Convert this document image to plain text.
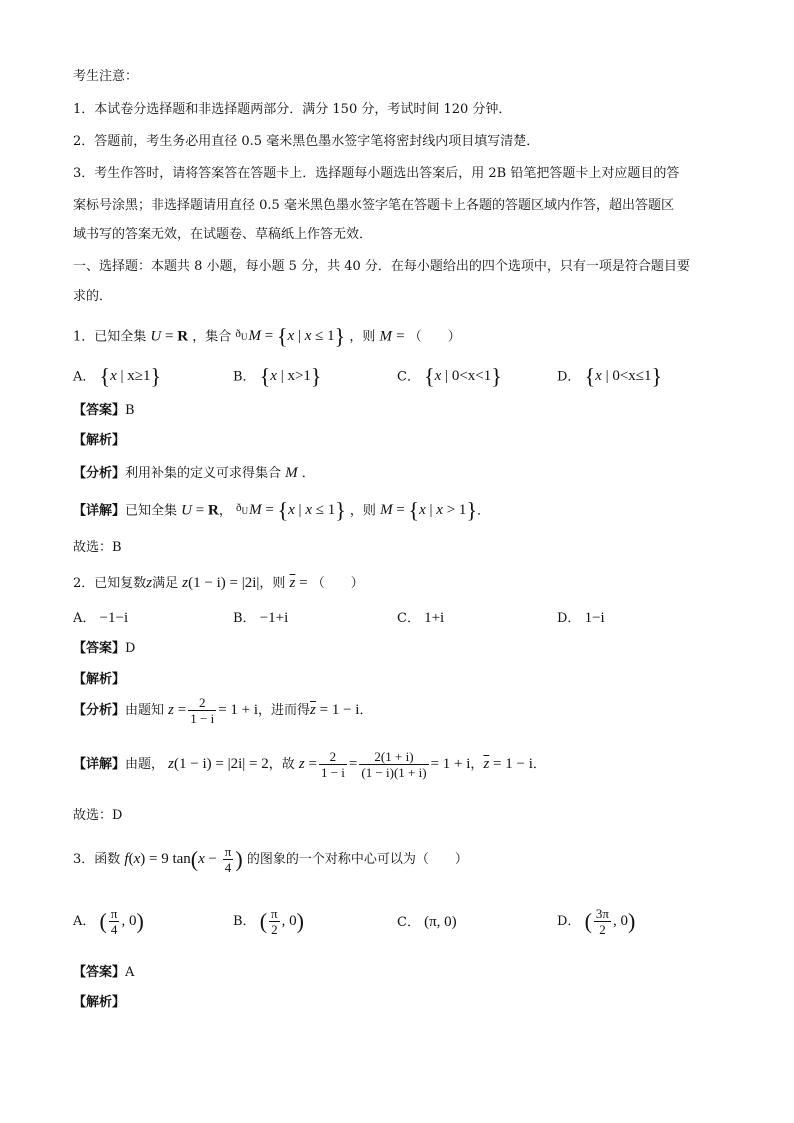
考生注意：
1．本试卷分选择题和非选择题两部分．满分 150 分，考试时间 120 分钟．
2．答题前，考生务必用直径 0.5 毫米黑色墨水签字笔将密封线内项目填写清楚．
3．考生作答时，请将答案答在答题卡上．选择题每小题选出答案后，用 2B 铅笔把答题卡上对应题目的答
案标号涂黑；非选择题请用直径 0.5 毫米黑色墨水签字笔在答题卡上各题的答题区域内作答，超出答题区
域书写的答案无效，在试题卷、草稿纸上作答无效．
一、选择题：本题共 8 小题，每小题 5 分，共 40 分．在每小题给出的四个选项中，只有一项是符合题目要
求的．
1．已知全集 U = R ，集合 $^{ð_U}$M = {x | x ≤ 1} ，则 M = （　　）
A． {x | x≥1}	B． {x | x>1}	C． {x | 0<x<1}	D． {x | 0<x≤1}
【答案】B
【解析】
【分析】利用补集的定义可求得集合 M ．
【详解】已知全集 U = R， $^{ð_U}$M = {x | x ≤ 1} ，则 M = {x | x > 1}．
故选：B
2．已知复数z满足 z(1 − i) = |2i|，则 $\overline{z}$ = （　　）
A． −1−i	B． −1+i	C． 1+i	D． 1−i
【答案】D
【解析】
【分析】由题知 $z = \frac{2}{1 - i} = 1 + i$，进而得$\overline{z} = 1 - i$．
【详解】由题， z(1 − i) = |2i| = 2，故 $z = \frac{2}{1 - i} = \frac{2(1 + i)}{(1 - i)(1 + i)} = 1 + i$，$\overline{z} = 1 - i$．
故选：D
3．函数 f(x) = 9 $\tan(x - \frac{\pi}{4}$ ) 的图象的一个对称中心可以为（　　）
A． ( $\frac{\pi}{4}$ , 0)	B． ( $\frac{\pi}{2}$ , 0)	C． (π, 0)	D． ( $\frac{3\pi}{2}$ , 0)
【答案】A
【解析】
